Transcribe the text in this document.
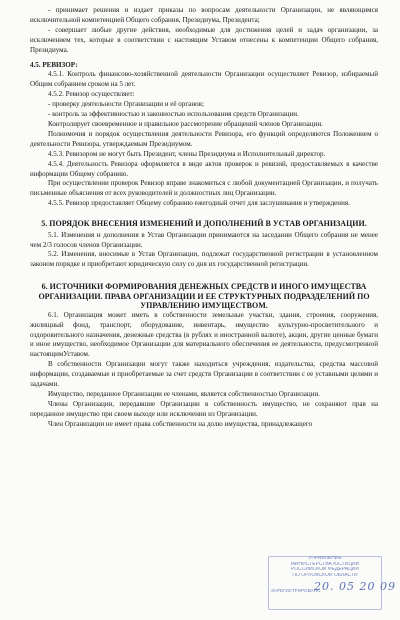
- принимает решения и издает приказы по вопросам деятельности Организации, не являющимся исключительной компетенцией Общего собрания, Президиума, Президента;

- совершает любые другие действия, необходимые для достижения целей и задач организации, за исключением тех, которые в соответствии с настоящим Уставом отнесены к компетенции Общего собрания, Президиума.

4.5. РЕВИЗОР:

4.5.1. Контроль финансово-хозяйственной деятельности Организации осуществляет Ревизор, избираемый Общим собранием сроком на 5 лет.

4.5.2. Ревизор осуществляет:

- проверку деятельности Организации и её органов;

- контроль за эффективностью и законностью использования средств Организации.

Контролирует своевременное и правильное рассмотрение обращений членов Организации.

Полномочия и порядок осуществления деятельности Ревизора, его функций определяются Положением о деятельности Ревизора, утверждаемым Президиумом.

4.5.3. Ревизором не могут быть Президент, члены Президиума и Исполнительный директор.

4.5.4. Деятельность Ревизора оформляется в виде актов проверок и ревизий, предоставляемых в качестве информации Общему собранию.

При осуществлении проверок Ревизор вправе знакомиться с любой документацией Организации, и получать письменные объяснения от всех руководителей и должностных лиц Организации.

4.5.5. Ревизор предоставляет Общему собранию ежегодный отчет для заслушивания и утверждения.

5. ПОРЯДОК ВНЕСЕНИЯ ИЗМЕНЕНИЙ И ДОПОЛНЕНИЙ В УСТАВ ОРГАНИЗАЦИИ.

5.1. Изменения и дополнения в Устав Организации принимаются на заседании Общего собрания не менее чем 2/3 голосов членов Организации.

5.2. Изменения, вносимые в Устав Организации, подлежат государственной регистрации в установленном законом порядке и приобретают юридическую силу со дня их государственной регистрации.

6. ИСТОЧНИКИ ФОРМИРОВАНИЯ ДЕНЕЖНЫХ СРЕДСТВ И ИНОГО ИМУЩЕСТВА ОРГАНИЗАЦИИ. ПРАВА ОРГАНИЗАЦИИ И ЕЕ СТРУКТУРНЫХ ПОДРАЗДЕЛЕНИЙ ПО УПРАВЛЕНИЮ ИМУЩЕСТВОМ.

6.1. Организация может иметь в собственности земельные участки, здания, строения, сооружения, жилищный фонд, транспорт, оборудование, инвентарь, имущество культурно-просветительного и оздоровительного назначения, денежные средства (в рублях и иностранной валюте), акции, другие ценные бумаги и иное имущество, необходимое Организации для материального обеспечения ее деятельности, предусмотренной настоящимУставом.

В собственности Организации могут также находиться учреждения, издательства, средства массовой информации, создаваемые и приобретаемые за счет средств Организации в соответствии с ее уставными целями и задачами.

Имущество, переданное Организации ее членами, является собственностью Организации.

Члены Организации, передавшие Организации в собственность имущество, не сохраняют прав на переданное имущество при своем выходе или исключении из Организации.

Член Организации не имеет права собственности на долю имущества, принадлежащего

УПРАВЛЕНИЕ
МИНИСТЕРСТВА ЮСТИЦИИ
РОССИЙСКОЙ ФЕДЕРАЦИИ
ПО ОРЛОВСКОЙ ОБЛАСТИ
ЗАРЕГИСТРИРОВАНО
20. 05 20 09
